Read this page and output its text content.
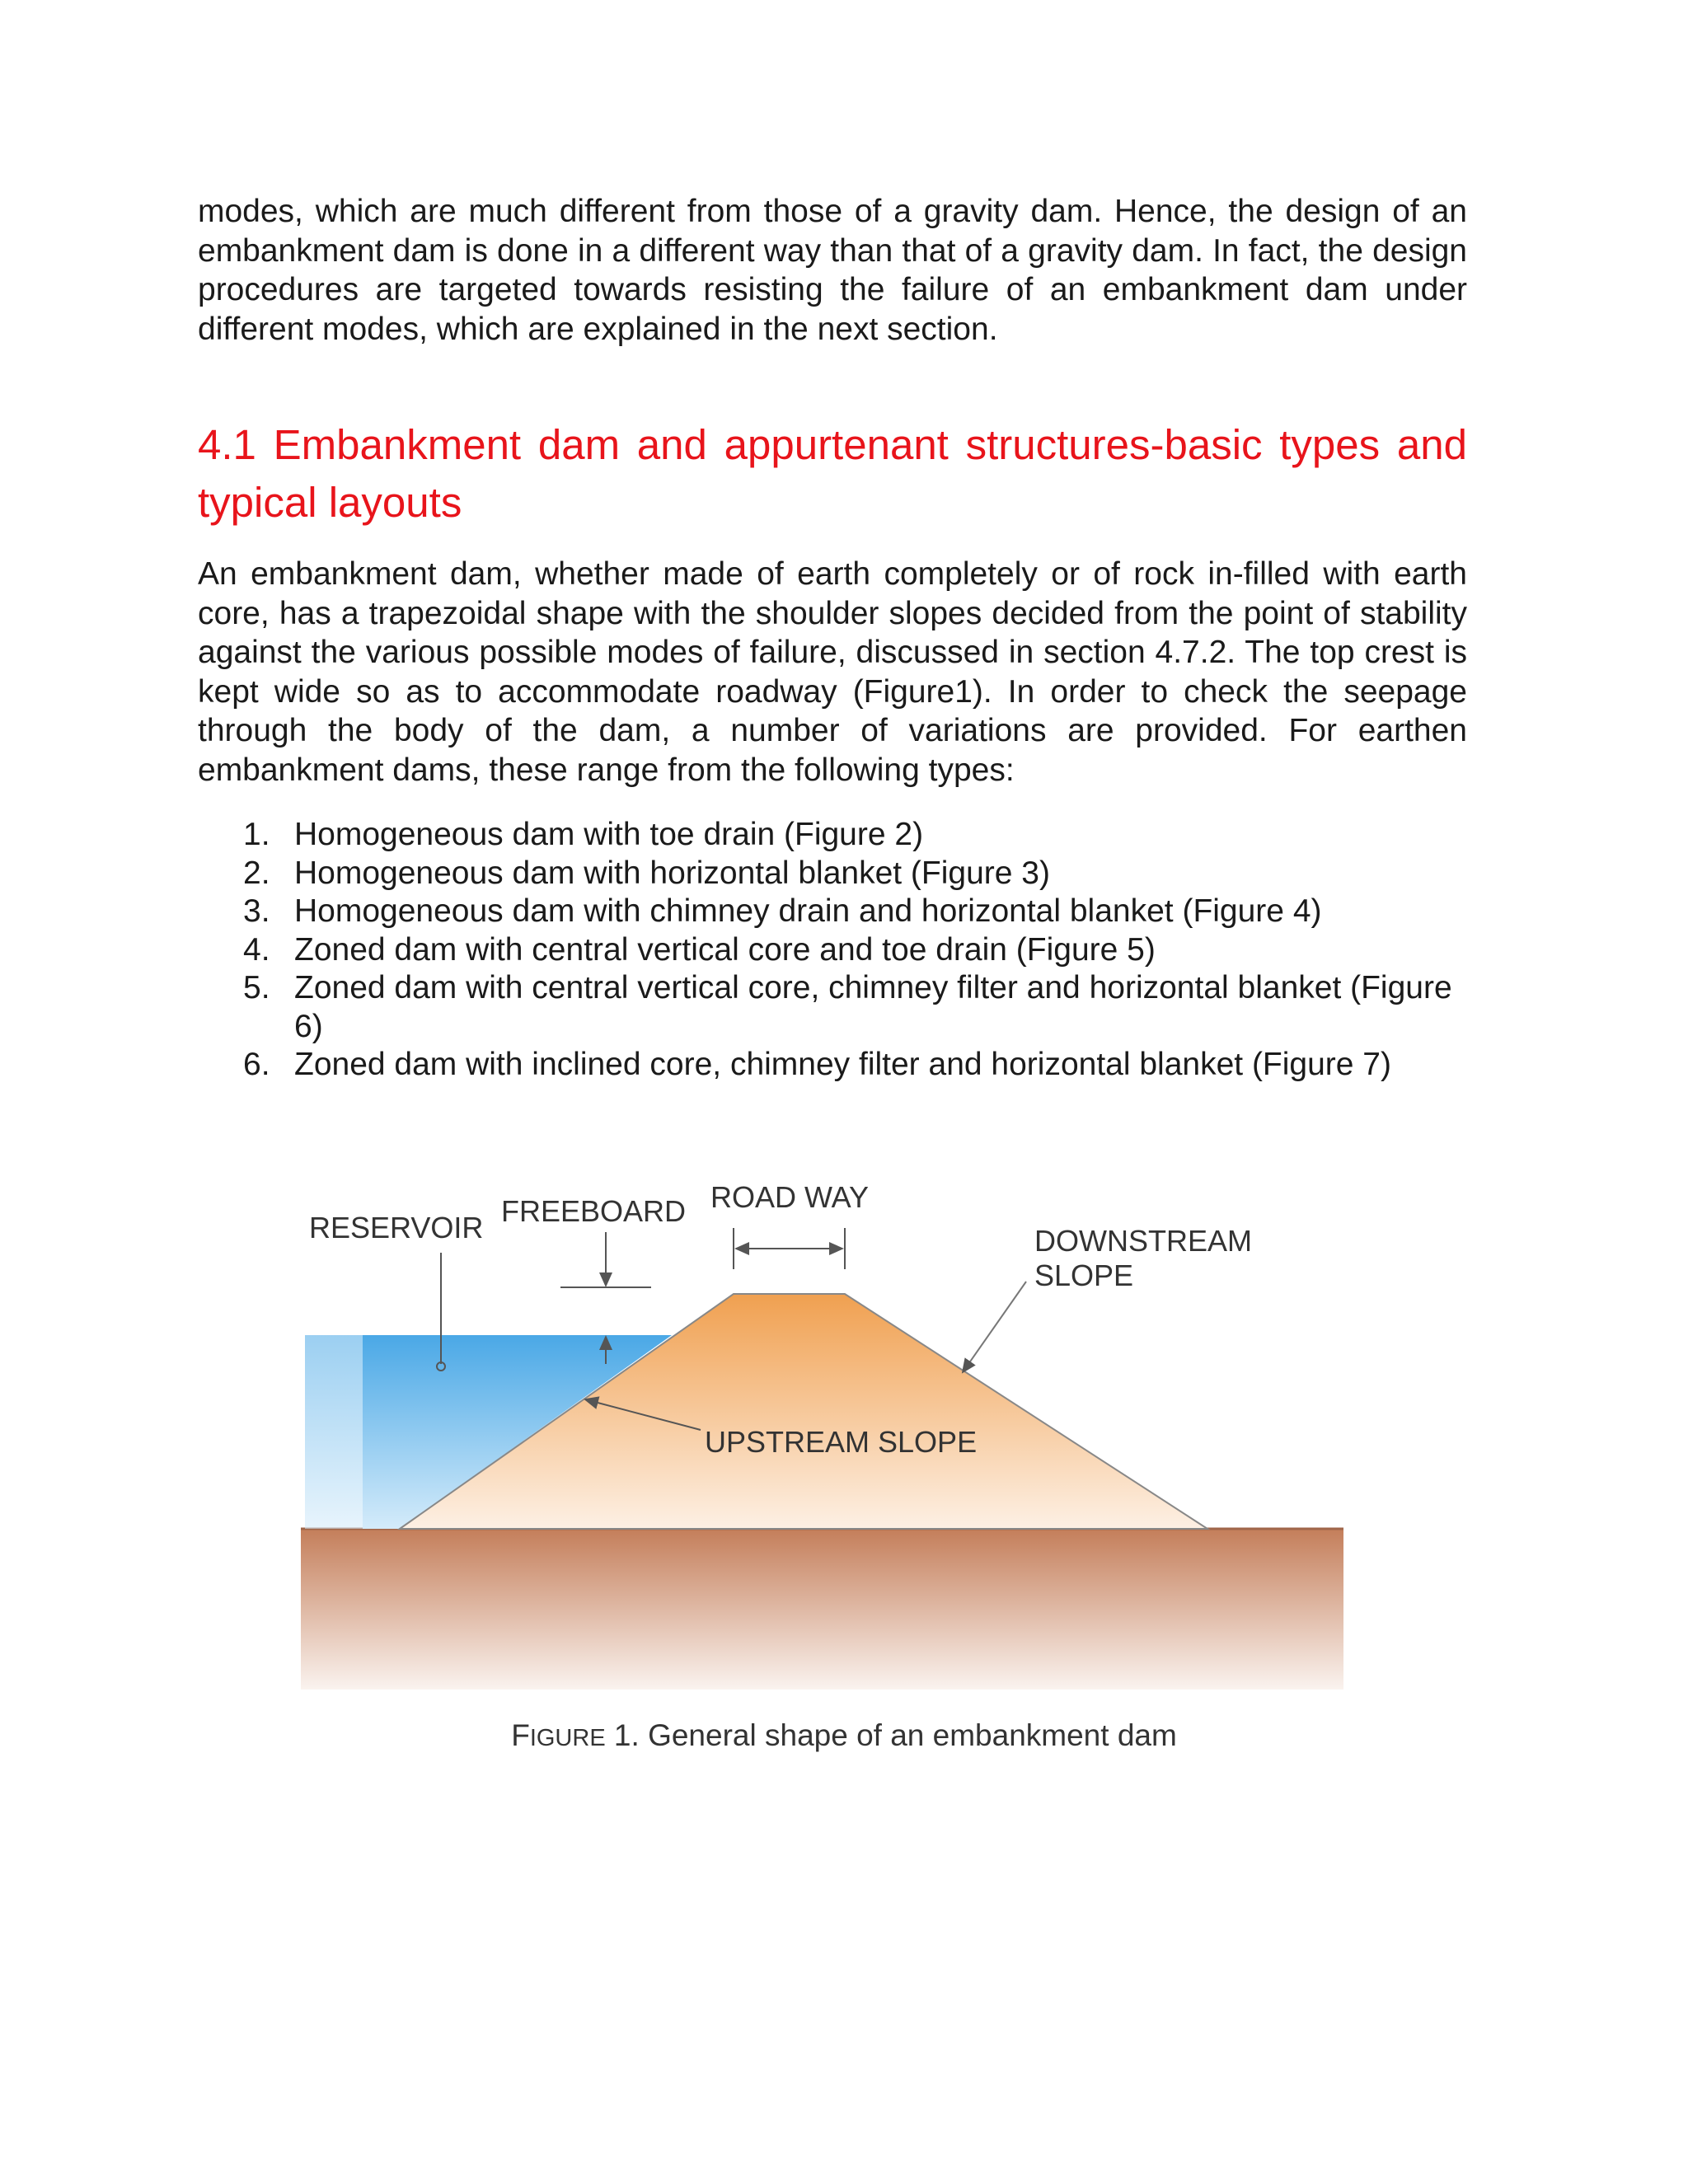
modes, which are much different from those of a gravity dam. Hence, the design of an embankment dam is done in a different way than that of a gravity dam. In fact, the design procedures are targeted towards resisting the failure of an embankment dam under different modes, which are explained in the next section.

4.1 Embankment dam and appurtenant structures-basic types and typical layouts

An embankment dam, whether made of earth completely or of rock in-filled with earth core, has a trapezoidal shape with the shoulder slopes decided from the point of stability against the various possible modes of failure, discussed in section 4.7.2. The top crest is kept wide so as to accommodate roadway (Figure1). In order to check the seepage through the body of the dam, a number of variations are provided. For earthen embankment dams, these range from the following types:

1. Homogeneous dam with toe drain (Figure 2)
2. Homogeneous dam with horizontal blanket (Figure 3)
3. Homogeneous dam with chimney drain and horizontal blanket (Figure 4)
4. Zoned dam with central vertical core and toe drain (Figure 5)
5. Zoned dam with central vertical core, chimney filter and horizontal blanket (Figure 6)
6. Zoned dam with inclined core, chimney filter and horizontal blanket (Figure 7)
RESERVOIR FREEBOARD ROAD WAY
DOWNSTREAM
SLOPE
UPSTREAM SLOPE
FIGURE 1. General shape of an embankment dam
